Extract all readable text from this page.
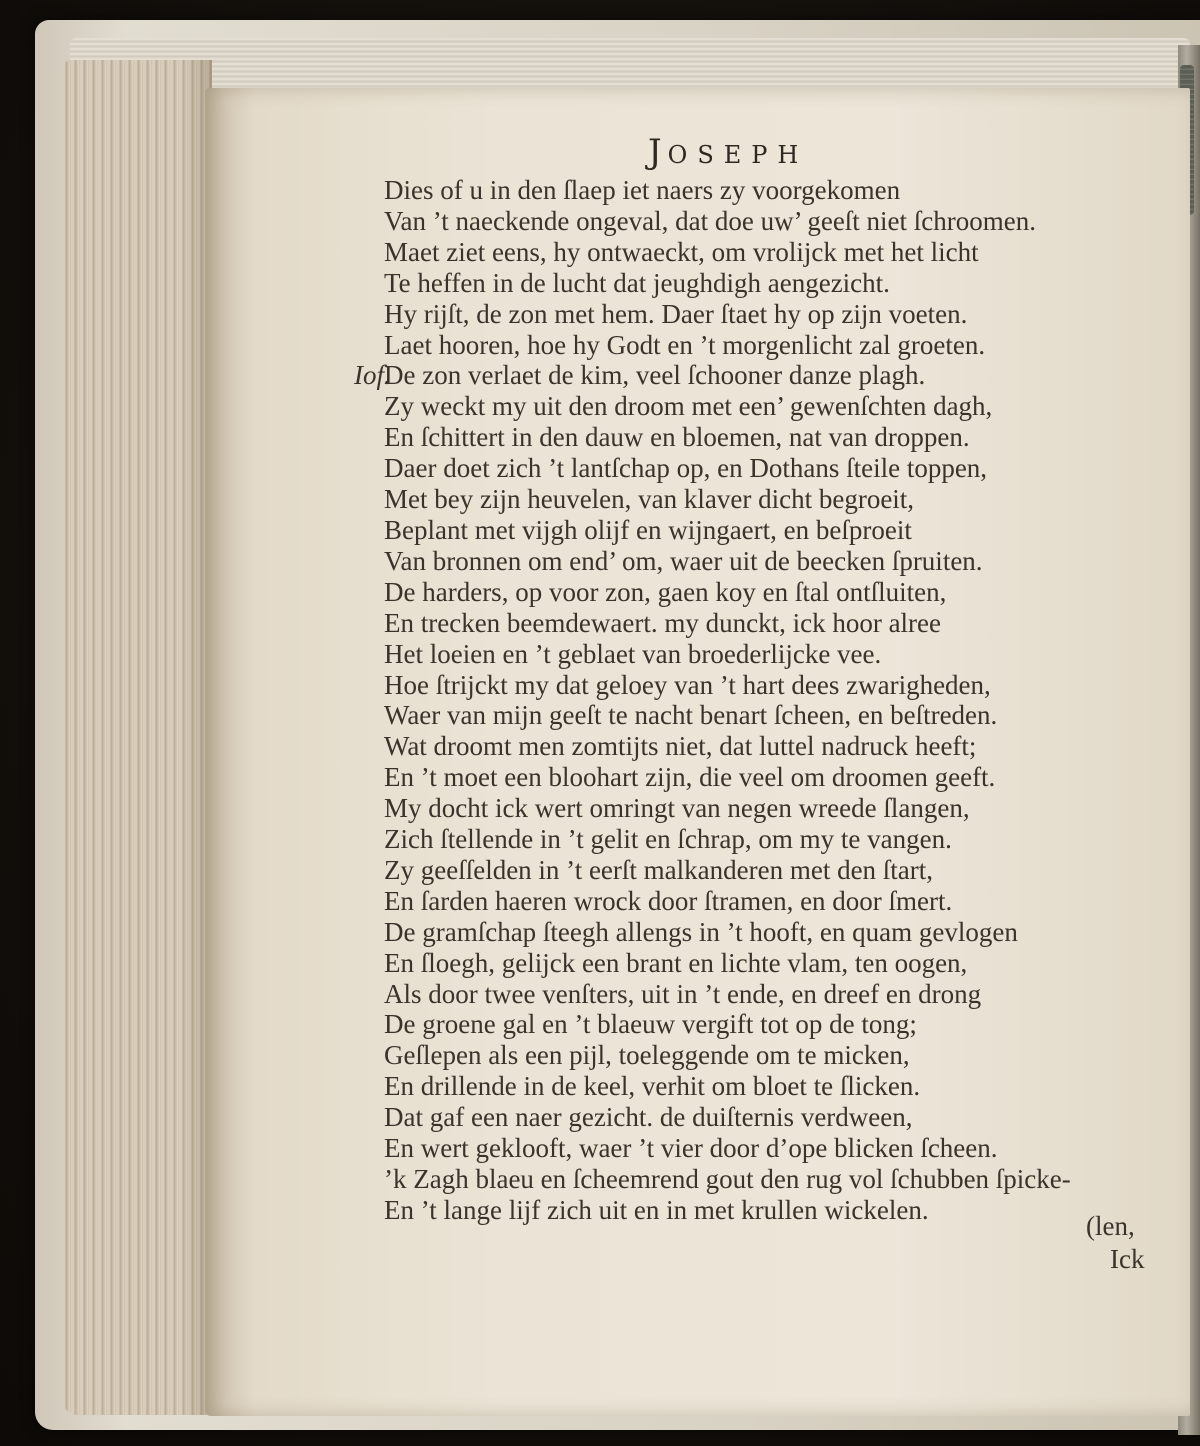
JOSEPH
Dies of u in den ſlaep iet naers zy voorgekomen
Van ’t naeckende ongeval, dat doe uw’ geeſt niet ſchroomen.
Maet ziet eens, hy ontwaeckt, om vrolijck met het licht
Te heffen in de lucht dat jeughdigh aengezicht.
Hy rijſt, de zon met hem. Daer ſtaet hy op zijn voeten.
Laet hooren, hoe hy Godt en ’t morgenlicht zal groeten.
Iof.
De zon verlaet de kim, veel ſchooner danze plagh.
Zy weckt my uit den droom met een’ gewenſchten dagh,
En ſchittert in den dauw en bloemen, nat van droppen.
Daer doet zich ’t lantſchap op, en Dothans ſteile toppen,
Met bey zijn heuvelen, van klaver dicht begroeit,
Beplant met vijgh olijf en wijngaert, en beſproeit
Van bronnen om end’ om, waer uit de beecken ſpruiten.
De harders, op voor zon, gaen koy en ſtal ontſluiten,
En trecken beemdewaert. my dunckt, ick hoor alree
Het loeien en ’t geblaet van broederlijcke vee.
Hoe ſtrijckt my dat geloey van ’t hart dees zwarigheden,
Waer van mijn geeſt te nacht benart ſcheen, en beſtreden.
Wat droomt men zomtijts niet, dat luttel nadruck heeft;
En ’t moet een bloohart zijn, die veel om droomen geeft.
My docht ick wert omringt van negen wreede ſlangen,
Zich ſtellende in ’t gelit en ſchrap, om my te vangen.
Zy geeſſelden in ’t eerſt malkanderen met den ſtart,
En ſarden haeren wrock door ſtramen, en door ſmert.
De gramſchap ſteegh allengs in ’t hooft, en quam gevlogen
En ſloegh, gelijck een brant en lichte vlam, ten oogen,
Als door twee venſters, uit in ’t ende, en dreef en drong
De groene gal en ’t blaeuw vergift tot op de tong;
Geſlepen als een pijl, toeleggende om te micken,
En drillende in de keel, verhit om bloet te ſlicken.
Dat gaf een naer gezicht. de duiſternis verdween,
En wert geklooft, waer ’t vier door d’ope blicken ſcheen.
’k Zagh blaeu en ſcheemrend gout den rug vol ſchubben ſpicke-
En ’t lange lijf zich uit en in met krullen wickelen.
(len,
Ick
